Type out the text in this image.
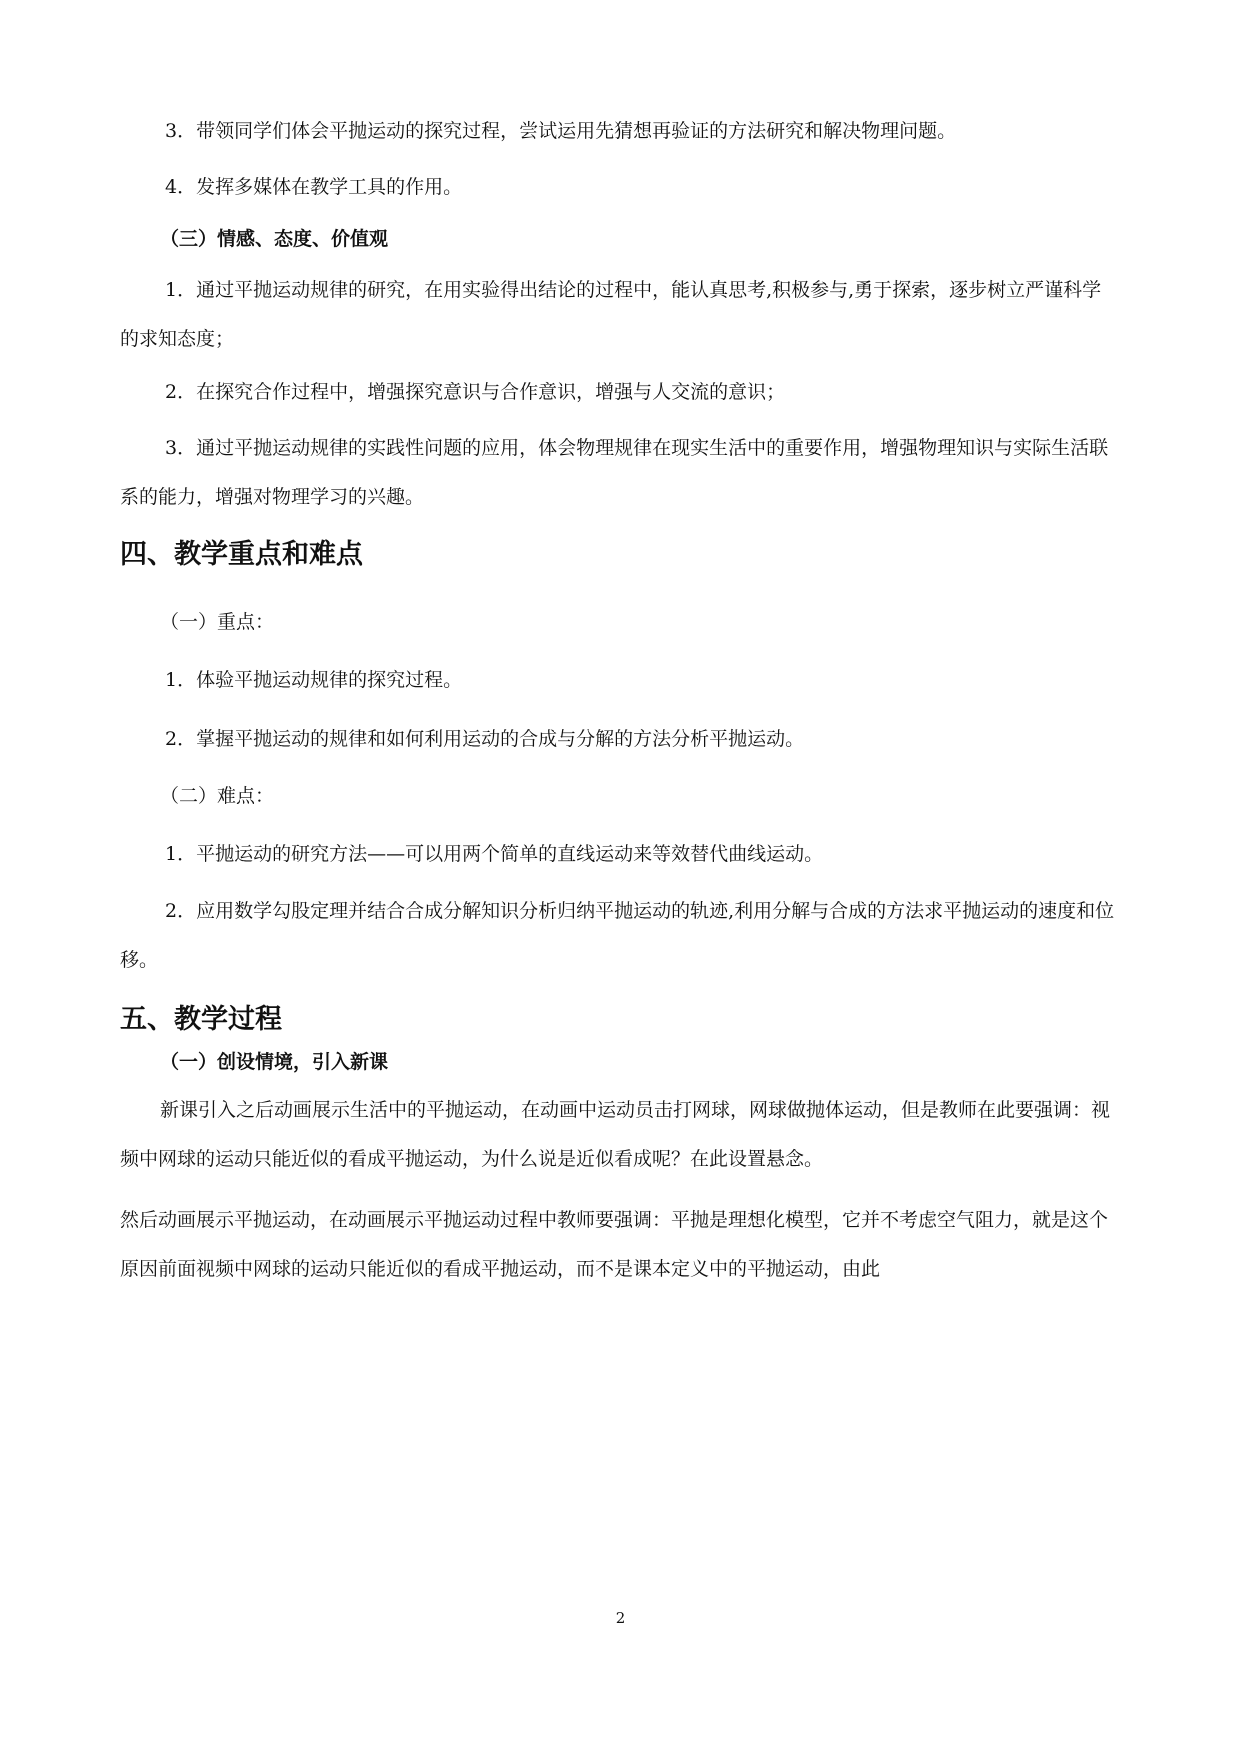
3．带领同学们体会平抛运动的探究过程，尝试运用先猜想再验证的方法研究和解决物理问题。
4．发挥多媒体在教学工具的作用。
（三）情感、态度、价值观
1．通过平抛运动规律的研究，在用实验得出结论的过程中，能认真思考,积极参与,勇于探索，逐步树立严谨科学的求知态度；
2．在探究合作过程中，增强探究意识与合作意识，增强与人交流的意识；
3．通过平抛运动规律的实践性问题的应用，体会物理规律在现实生活中的重要作用，增强物理知识与实际生活联系的能力，增强对物理学习的兴趣。
四、教学重点和难点
（一）重点：
1．体验平抛运动规律的探究过程。
2．掌握平抛运动的规律和如何利用运动的合成与分解的方法分析平抛运动。
（二）难点：
1．平抛运动的研究方法——可以用两个简单的直线运动来等效替代曲线运动。
2．应用数学勾股定理并结合合成分解知识分析归纳平抛运动的轨迹,利用分解与合成的方法求平抛运动的速度和位移。
五、教学过程
（一）创设情境，引入新课
新课引入之后动画展示生活中的平抛运动，在动画中运动员击打网球，网球做抛体运动，但是教师在此要强调：视频中网球的运动只能近似的看成平抛运动，为什么说是近似看成呢？在此设置悬念。
然后动画展示平抛运动，在动画展示平抛运动过程中教师要强调：平抛是理想化模型，它并不考虑空气阻力，就是这个原因前面视频中网球的运动只能近似的看成平抛运动，而不是课本定义中的平抛运动，由此
2
